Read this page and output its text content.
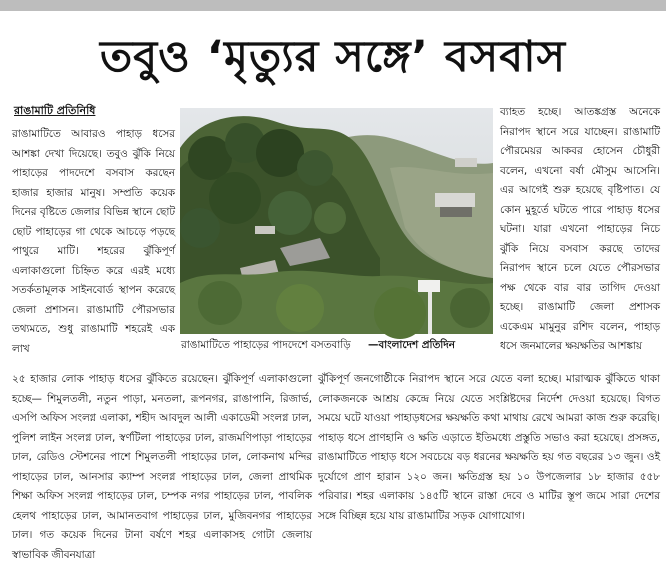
তবুও ‘মৃত্যুর সঙ্গে’ বসবাস
রাঙামাটি প্রতিনিধি

রাঙামাটিতে আবারও পাহাড় ধসের আশঙ্কা দেখা দিয়েছে। তবুও ঝুঁকি নিয়ে পাহাড়ের পাদদেশে বসবাস করছেন হাজার হাজার মানুষ। সম্প্রতি কয়েক দিনের বৃষ্টিতে জেলার বিভিন্ন স্থানে ছোট ছোট পাহাড়ের গা থেকে আচড়ে পড়ছে পাথুরে মাটি। শহরের ঝুঁকিপূর্ণ এলাকাগুলো চিহ্নিত করে এরই মধ্যে সতর্কতামূলক সাইনবোর্ড স্থাপন করেছে জেলা প্রশাসন। রাঙামাটি পৌরসভার তথ্যমতে, শুধু রাঙামাটি শহরেই এক লাখ	রাঙামাটিতে পাহাড়ের পাদদেশে বসতবাড়ি —বাংলাদেশ প্রতিদিন

ব্যাহত হচ্ছে। আতঙ্কগ্রস্ত অনেকে নিরাপদ স্থানে সরে যাচ্ছেন। রাঙামাটি পৌরমেয়র আকবর হোসেন চৌধুরী বলেন, এখনো বর্ষা মৌসুম আসেনি। এর আগেই শুরু হয়েছে বৃষ্টিপাত। যে কোন মুহূর্তে ঘটতে পারে পাহাড় ধসের ঘটনা। যারা এখনো পাহাড়ের নিচে ঝুঁকি নিয়ে বসবাস করছে তাদের নিরাপদ স্থানে চলে যেতে পৌরসভার পক্ষ থেকে বার বার তাগিদ দেওয়া হচ্ছে। রাঙামাটি জেলা প্রশাসক একেএম মামুনুর রশিদ বলেন, পাহাড় ধসে জনমালের ক্ষয়ক্ষতির আশঙ্কায়

২৫ হাজার লোক পাহাড় ধসের ঝুঁকিতে রয়েছেন। ঝুঁকিপূর্ণ এলাকাগুলো হচ্ছে— শিমুলতলী, নতুন পাড়া, মনতলা, রূপনগর, রাঙাপানি, রিজার্ভ, এসপি অফিস সংলগ্ন এলাকা, শহীদ আবদুল আলী একাডেমী সংলগ্ন ঢাল, পুলিশ লাইন সংলগ্ন ঢাল, স্বর্ণটিলা পাহাড়ের ঢাল, রাজমণিপাড়া পাহাড়ের ঢাল, রেডিও স্টেশনের পাশে শিমুলতলী পাহাড়ের ঢাল, লোকনাথ মন্দির পাহাড়ের ঢাল, আনসার ক্যাম্প সংলগ্ন পাহাড়ের ঢাল, জেলা প্রাথমিক শিক্ষা অফিস সংলগ্ন পাহাড়ের ঢাল, চম্পক নগর পাহাড়ের ঢাল, পাবলিক হেলথ পাহাড়ের ঢাল, আমানতবাগ পাহাড়ের ঢাল, মুজিবনগর পাহাড়ের ঢাল। গত কয়েক দিনের টানা বর্ষণে শহর এলাকাসহ গোটা জেলায় স্বাভাবিক জীবনযাত্রা

ঝুঁকিপূর্ণ জনগোষ্ঠীকে নিরাপদ স্থানে সরে যেতে বলা হচ্ছে। মারাত্মক ঝুঁকিতে থাকা লোকজনকে আশ্রয় কেন্দ্রে নিয়ে যেতে সংশ্লিষ্টদের নির্দেশ দেওয়া হয়েছে। বিগত সময়ে ঘটে যাওয়া পাহাড়ধসের ক্ষয়ক্ষতি কথা মাথায় রেখে আমরা কাজ শুরু করেছি। পাহাড় ধসে প্রাণহানি ও ক্ষতি এড়াতে ইতিমধ্যে প্রস্তুতি সভাও করা হয়েছে। প্রসঙ্গত, রাঙামাটিতে পাহাড় ধসে সবচেয়ে বড় ধরনের ক্ষয়ক্ষতি হয় গত বছরের ১৩ জুন। ওই দুর্যোগে প্রাণ হারান ১২০ জন। ক্ষতিগ্রস্ত হয় ১০ উপজেলার ১৮ হাজার ৫৫৮ পরিবার। শহর এলাকায় ১৪৫টি স্থানে রাস্তা দেবে ও মাটির স্তূপ জমে সারা দেশের সঙ্গে বিচ্ছিন্ন হয়ে যায় রাঙামাটির সড়ক যোগাযোগ।
